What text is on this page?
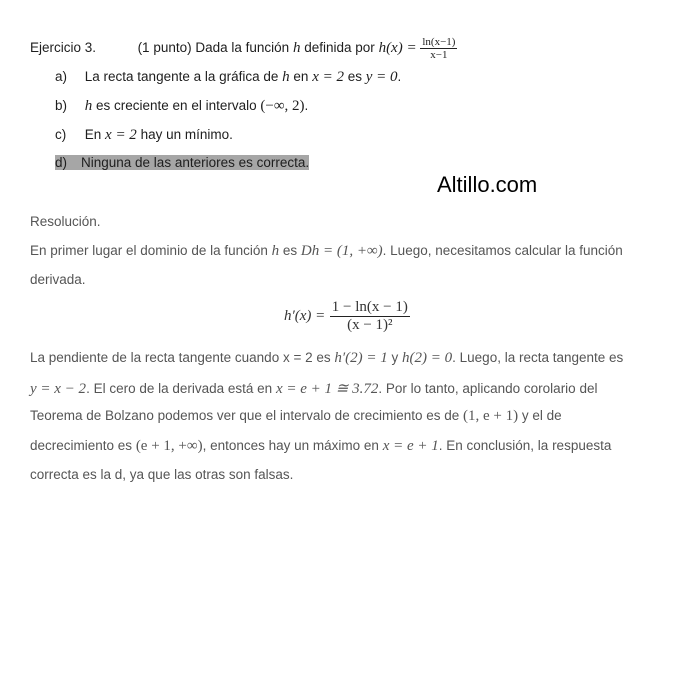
Ejercicio 3.	(1 punto) Dada la función h definida por $h(x) = \frac{\ln(x-1)}{x-1}$
a) La recta tangente a la gráfica de h en x = 2 es y = 0.
b) h es creciente en el intervalo (−∞, 2).
c) En x = 2 hay un mínimo.
d) Ninguna de las anteriores es correcta.
Altillo.com
Resolución.
En primer lugar el dominio de la función h es Dh = (1, +∞). Luego, necesitamos calcular la función
derivada.
$h'(x) = \frac{1 - \ln(x - 1)}{\text{(x − 1)²}}$
La pendiente de la recta tangente cuando x = 2 es h′(2) = 1 y h(2) = 0. Luego, la recta tangente es
y = x − 2. El cero de la derivada está en x = e + 1 ≅ 3.72. Por lo tanto, aplicando corolario del
Teorema de Bolzano podemos ver que el intervalo de crecimiento es de (1, e + 1) y el de
decrecimiento es (e + 1, +∞), entonces hay un máximo en x = e + 1. En conclusión, la respuesta
correcta es la d, ya que las otras son falsas.
